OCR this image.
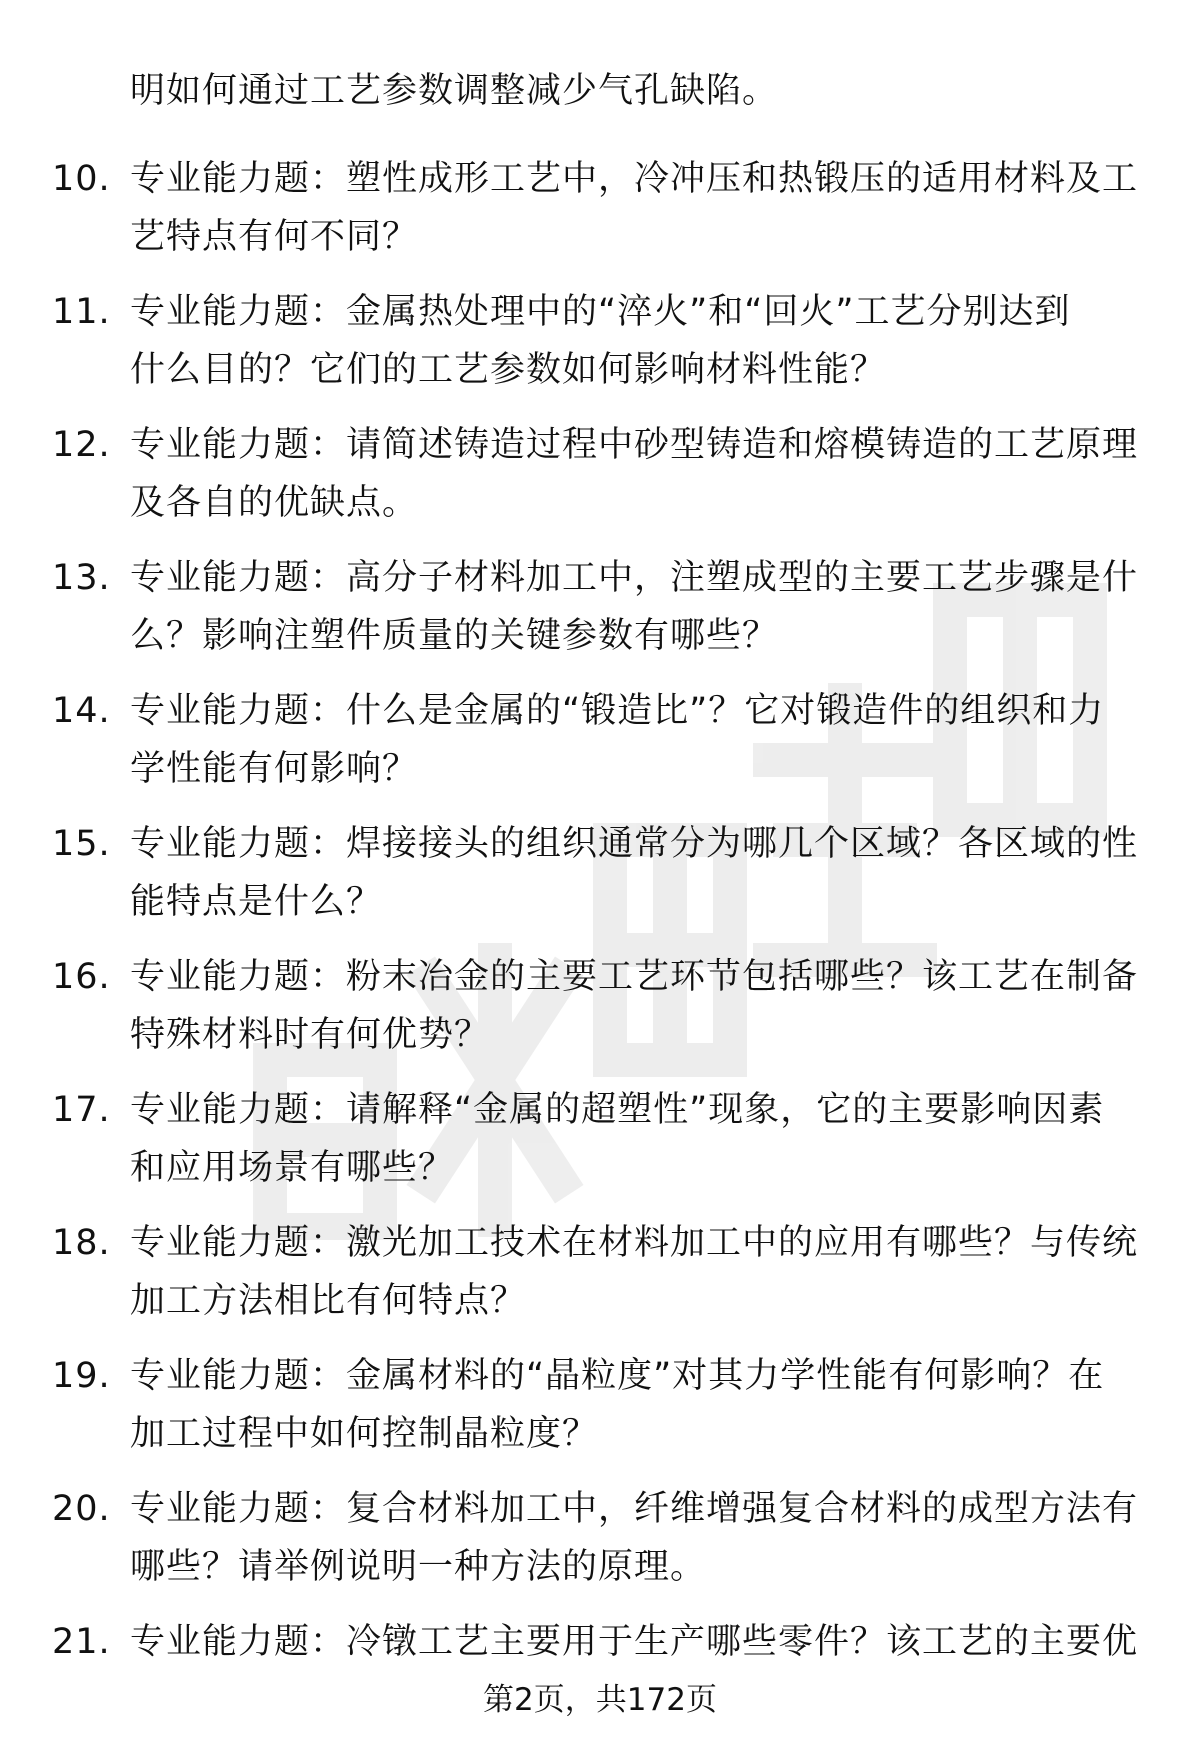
明如何通过工艺参数调整减少气孔缺陷。
10. 专业能力题：塑性成形工艺中，冷冲压和热锻压的适用材料及工
艺特点有何不同？
11. 专业能力题：金属热处理中的“淬火”和“回火”工艺分别达到
什么目的？它们的工艺参数如何影响材料性能？
12. 专业能力题：请简述铸造过程中砂型铸造和熔模铸造的工艺原理
及各自的优缺点。
13. 专业能力题：高分子材料加工中，注塑成型的主要工艺步骤是什
么？影响注塑件质量的关键参数有哪些？
14. 专业能力题：什么是金属的“锻造比”？它对锻造件的组织和力
学性能有何影响？
15. 专业能力题：焊接接头的组织通常分为哪几个区域？各区域的性
能特点是什么？
16. 专业能力题：粉末冶金的主要工艺环节包括哪些？该工艺在制备
特殊材料时有何优势？
17. 专业能力题：请解释“金属的超塑性”现象，它的主要影响因素
和应用场景有哪些？
18. 专业能力题：激光加工技术在材料加工中的应用有哪些？与传统
加工方法相比有何特点？
19. 专业能力题：金属材料的“晶粒度”对其力学性能有何影响？在
加工过程中如何控制晶粒度？
20. 专业能力题：复合材料加工中，纤维增强复合材料的成型方法有
哪些？请举例说明一种方法的原理。
21. 专业能力题：冷镦工艺主要用于生产哪些零件？该工艺的主要优
第2页，共172页
